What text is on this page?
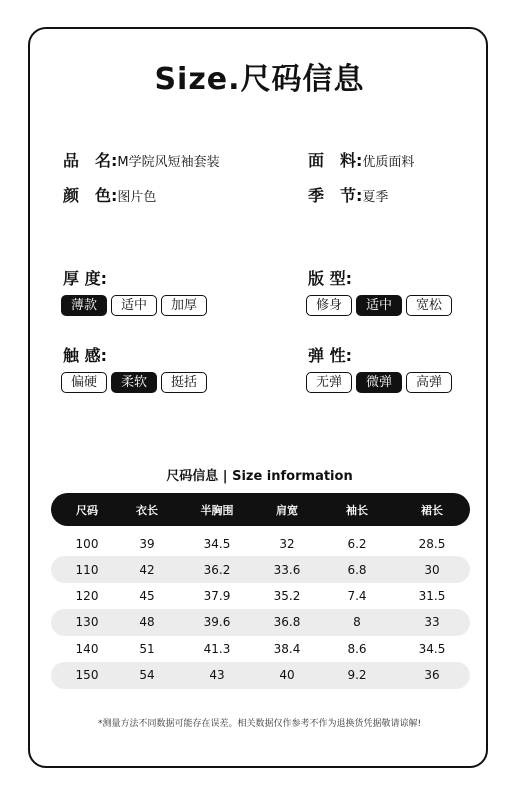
Size.尺码信息
品　名:M学院风短袖套装	面　料:优质面料
颜　色:图片色	季　节:夏季
厚 度:
薄款	适中	加厚
版 型:
修身	适中	宽松
触 感:
偏硬	柔软	挺括
弹 性:
无弹	微弹	高弹
尺码信息 | Size information
尺码	衣长	半胸围	肩宽	袖长	裙长
100	39	34.5	32	6.2	28.5
110	42	36.2	33.6	6.8	30
120	45	37.9	35.2	7.4	31.5
130	48	39.6	36.8	8	33
140	51	41.3	38.4	8.6	34.5
150	54	43	40	9.2	36
*测量方法不同数据可能存在误差。相关数据仅作参考不作为退换货凭据敬请谅解!
